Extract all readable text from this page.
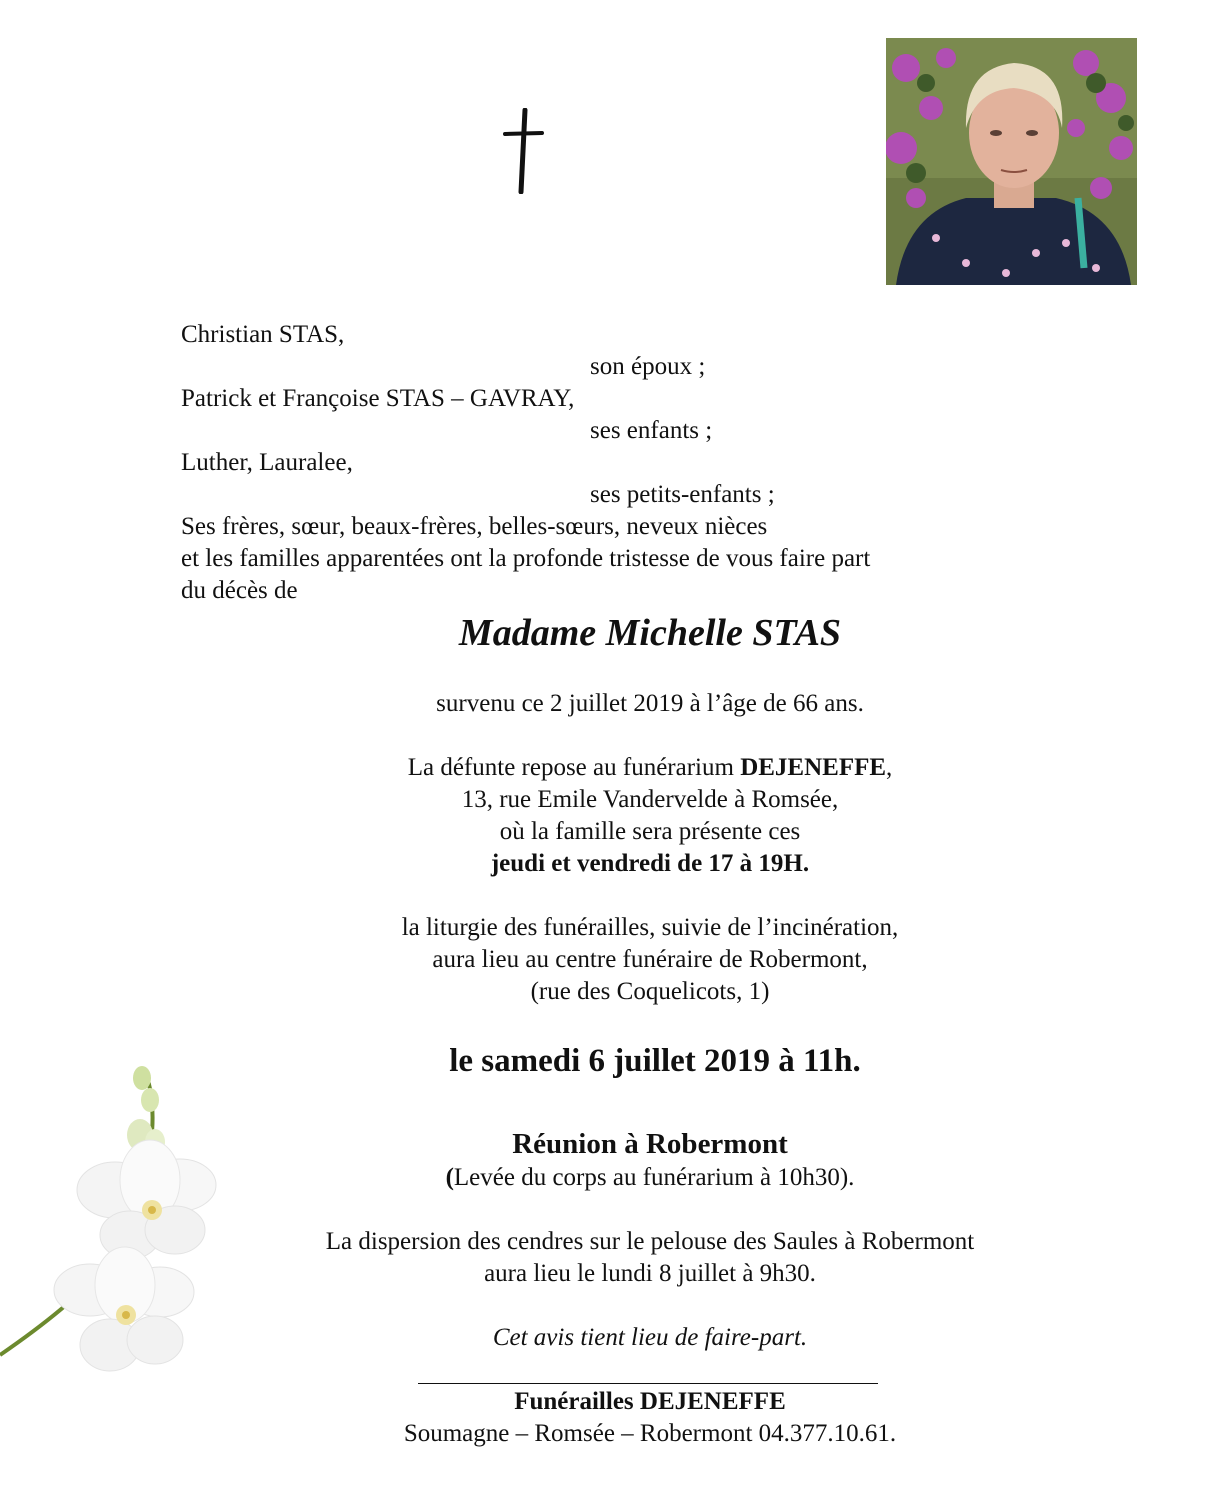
Christian STAS,
son époux ;
Patrick et Françoise STAS – GAVRAY,
ses enfants ;
Luther, Lauralee,
ses petits-enfants ;
Ses frères, sœur, beaux-frères, belles-sœurs, neveux nièces
et les familles apparentées ont la profonde tristesse de vous faire part
du décès de
Madame Michelle STAS
survenu ce 2 juillet 2019 à l’âge de 66 ans.
La défunte repose au funérarium DEJENEFFE,
13, rue Emile Vandervelde à Romsée,
où la famille sera présente ces
jeudi et vendredi de 17 à 19H.
la liturgie des funérailles, suivie de l’incinération,
aura lieu au centre funéraire de Robermont,
(rue des Coquelicots, 1)
le samedi 6 juillet 2019 à 11h.
Réunion à Robermont
(Levée du corps au funérarium à 10h30).
La dispersion des cendres sur le pelouse des Saules à Robermont
aura lieu le lundi 8 juillet à 9h30.
Cet avis tient lieu de faire-part.
Funérailles DEJENEFFE
Soumagne – Romsée – Robermont 04.377.10.61.
